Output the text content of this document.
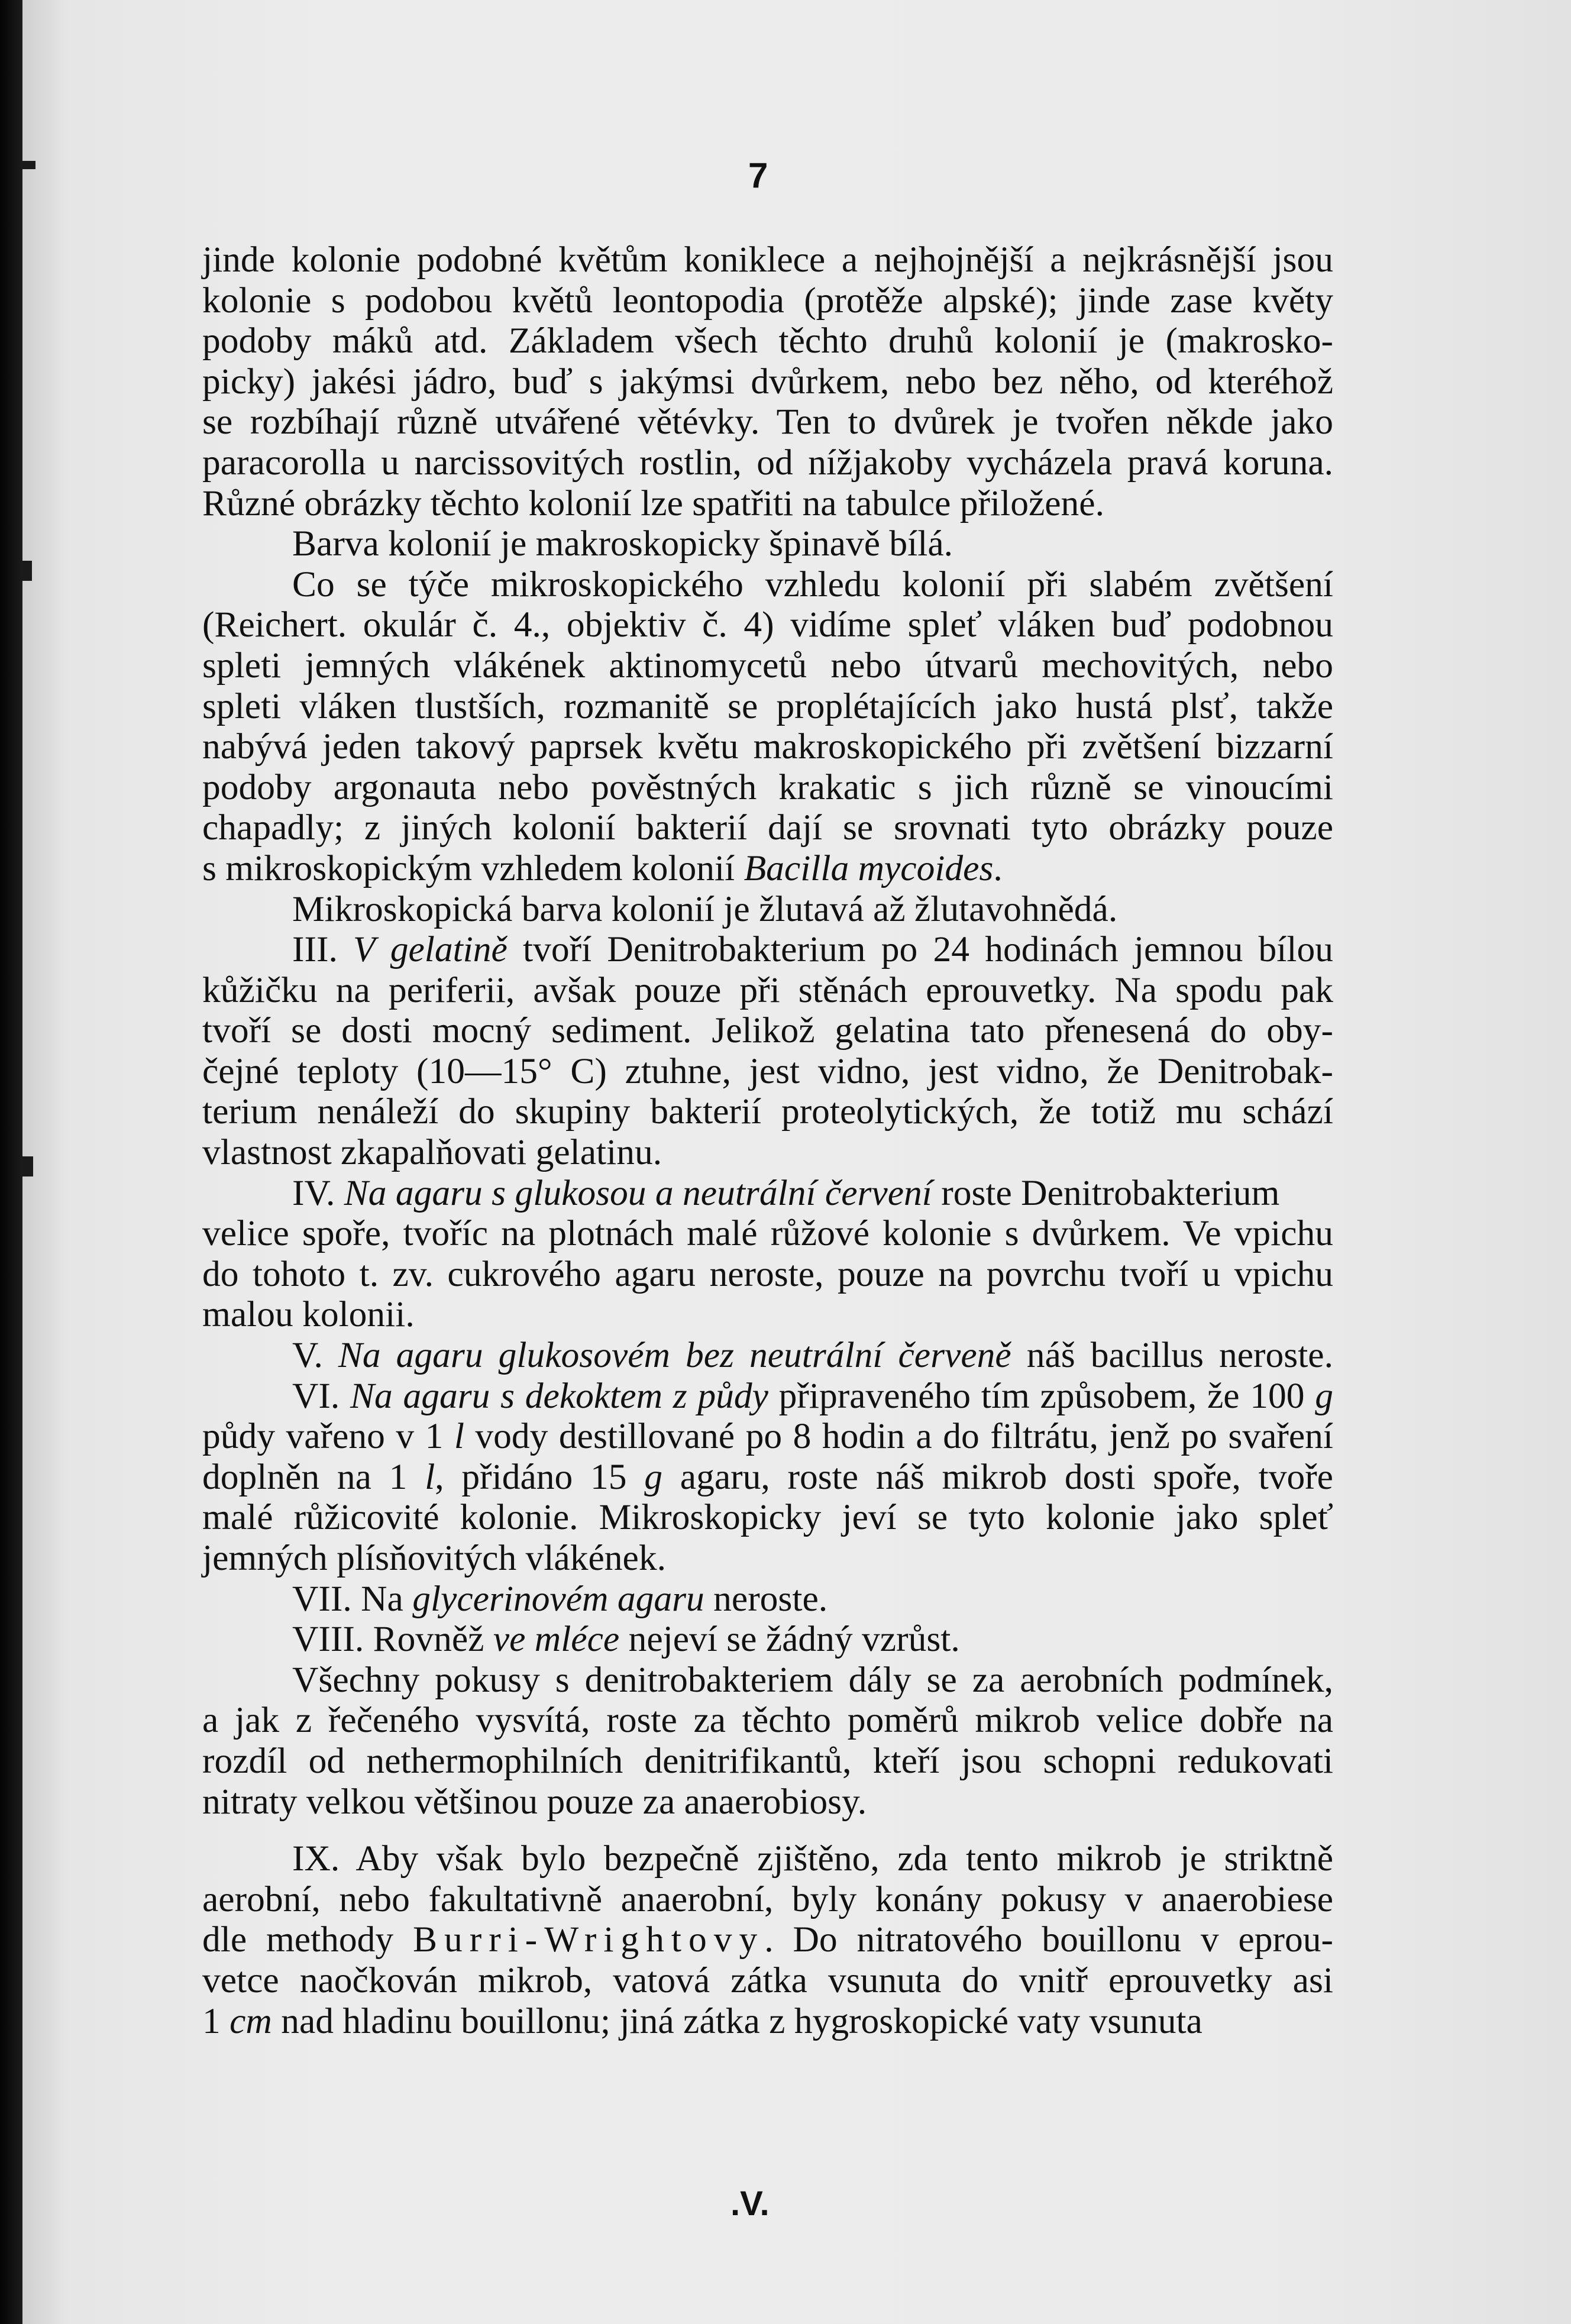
7

jinde kolonie podobné květům koniklece a nejhojnější a nejkrásnější jsou

kolonie s podobou květů leontopodia (protěže alpské); jinde zase květy

podoby máků atd. Základem všech těchto druhů kolonií je (makrosko-

picky) jakési jádro, buď s jakýmsi dvůrkem, nebo bez něho, od kteréhož

se rozbíhají různě utvářené větévky. Ten to dvůrek je tvořen někde jako

paracorolla u narcissovitých rostlin, od nížjakoby vycházela pravá koruna.

Různé obrázky těchto kolonií lze spatřiti na tabulce přiložené.

Barva kolonií je makroskopicky špinavě bílá.

Co se týče mikroskopického vzhledu kolonií při slabém zvětšení

(Reichert. okulár č. 4., objektiv č. 4) vidíme spleť vláken buď podobnou

spleti jemných vlákének aktinomycetů nebo útvarů mechovitých, nebo

spleti vláken tlustších, rozmanitě se proplétajících jako hustá plsť, takže

nabývá jeden takový paprsek květu makroskopického při zvětšení bizzarní

podoby argonauta nebo pověstných krakatic s jich různě se vinoucími

chapadly; z jiných kolonií bakterií dají se srovnati tyto obrázky pouze

s mikroskopickým vzhledem kolonií Bacilla mycoides.

Mikroskopická barva kolonií je žlutavá až žlutavohnědá.

III. V gelatině tvoří Denitrobakterium po 24 hodinách jemnou bílou

kůžičku na periferii, avšak pouze při stěnách eprouvetky. Na spodu pak

tvoří se dosti mocný sediment. Jelikož gelatina tato přenesená do oby-

čejné teploty (10—15° C) ztuhne, jest vidno, jest vidno, že Denitrobak-

terium nenáleží do skupiny bakterií proteolytických, že totiž mu schází

vlastnost zkapalňovati gelatinu.

IV. Na agaru s glukosou a neutrální červení roste Denitrobakterium

velice spoře, tvoříc na plotnách malé růžové kolonie s dvůrkem. Ve vpichu

do tohoto t. zv. cukrového agaru neroste, pouze na povrchu tvoří u vpichu

malou kolonii.

V. Na agaru glukosovém bez neutrální červeně náš bacillus neroste.

VI. Na agaru s dekoktem z půdy připraveného tím způsobem, že 100 g

půdy vařeno v 1 l vody destillované po 8 hodin a do filtrátu, jenž po svaření

doplněn na 1 l, přidáno 15 g agaru, roste náš mikrob dosti spoře, tvoře

malé růžicovité kolonie. Mikroskopicky jeví se tyto kolonie jako spleť

jemných plísňovitých vlákének.

VII. Na glycerinovém agaru neroste.

VIII. Rovněž ve mléce nejeví se žádný vzrůst.

Všechny pokusy s denitrobakteriem dály se za aerobních podmínek,

a jak z řečeného vysvítá, roste za těchto poměrů mikrob velice dobře na

rozdíl od nethermophilních denitrifikantů, kteří jsou schopni redukovati

nitraty velkou většinou pouze za anaerobiosy.

IX. Aby však bylo bezpečně zjištěno, zda tento mikrob je striktně

aerobní, nebo fakultativně anaerobní, byly konány pokusy v anaerobiese

dle methody Burri-Wrightovy. Do nitratového bouillonu v eprou-

vetce naočkován mikrob, vatová zátka vsunuta do vnitř eprouvetky asi

1 cm nad hladinu bouillonu; jiná zátka z hygroskopické vaty vsunuta

.V.
